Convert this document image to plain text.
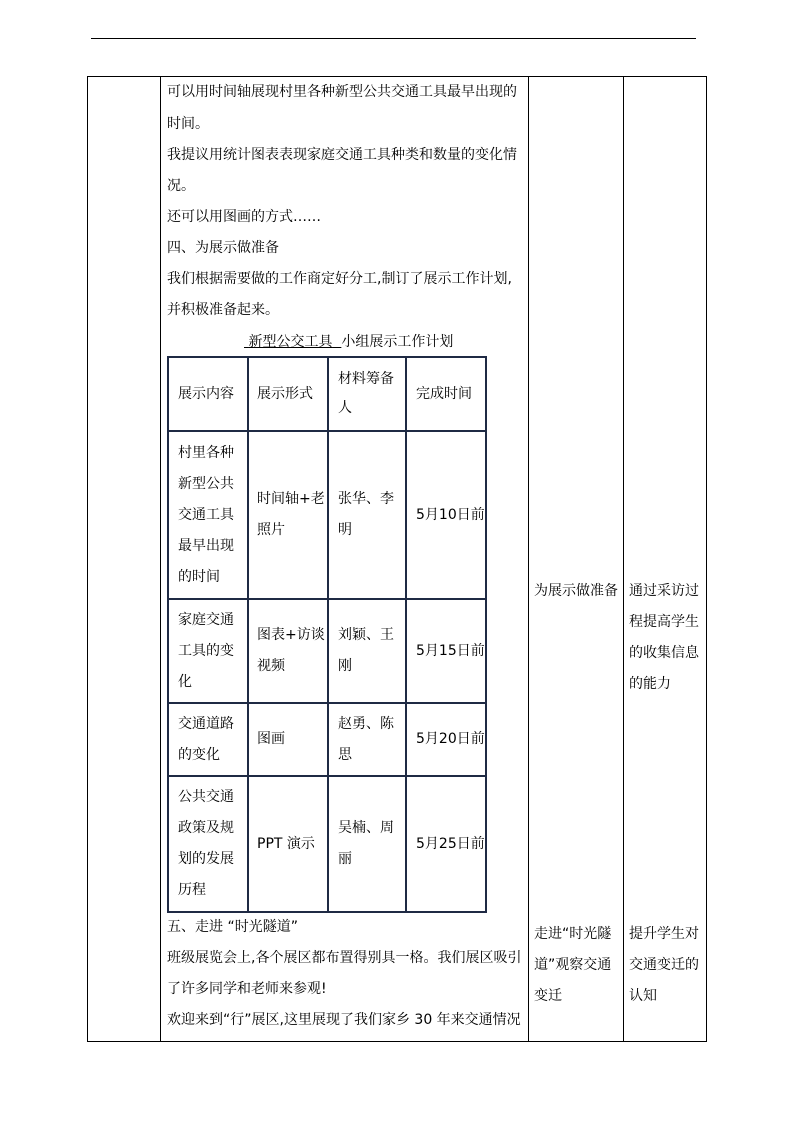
可以用时间轴展现村里各种新型公共交通工具最早出现的
时间。
我提议用统计图表表现家庭交通工具种类和数量的变化情
况。
还可以用图画的方式……
四、为展示做准备
我们根据需要做的工作商定好分工,制订了展示工作计划,
并积极准备起来。
新型公交工具 小组展示工作计划
展示内容	展示形式	材料筹备人	完成时间
村里各种新型公共交通工具最早出现的时间	时间轴+老照片	张华、李明	5月10日前
家庭交通工具的变化	图表+访谈视频	刘颖、王刚	5月15日前
交通道路的变化	图画	赵勇、陈思	5月20日前
公共交通政策及规划的发展历程	PPT 演示	吴楠、周丽	5月25日前
五、走进 “时光隧道”
班级展览会上,各个展区都布置得别具一格。我们展区吸引
了许多同学和老师来参观!
欢迎来到“行”展区,这里展现了我们家乡 30 年来交通情况
为展示做准备
走进“时光隧道”观察交通变迁
通过采访过程提高学生的收集信息的能力
提升学生对交通变迁的认知
